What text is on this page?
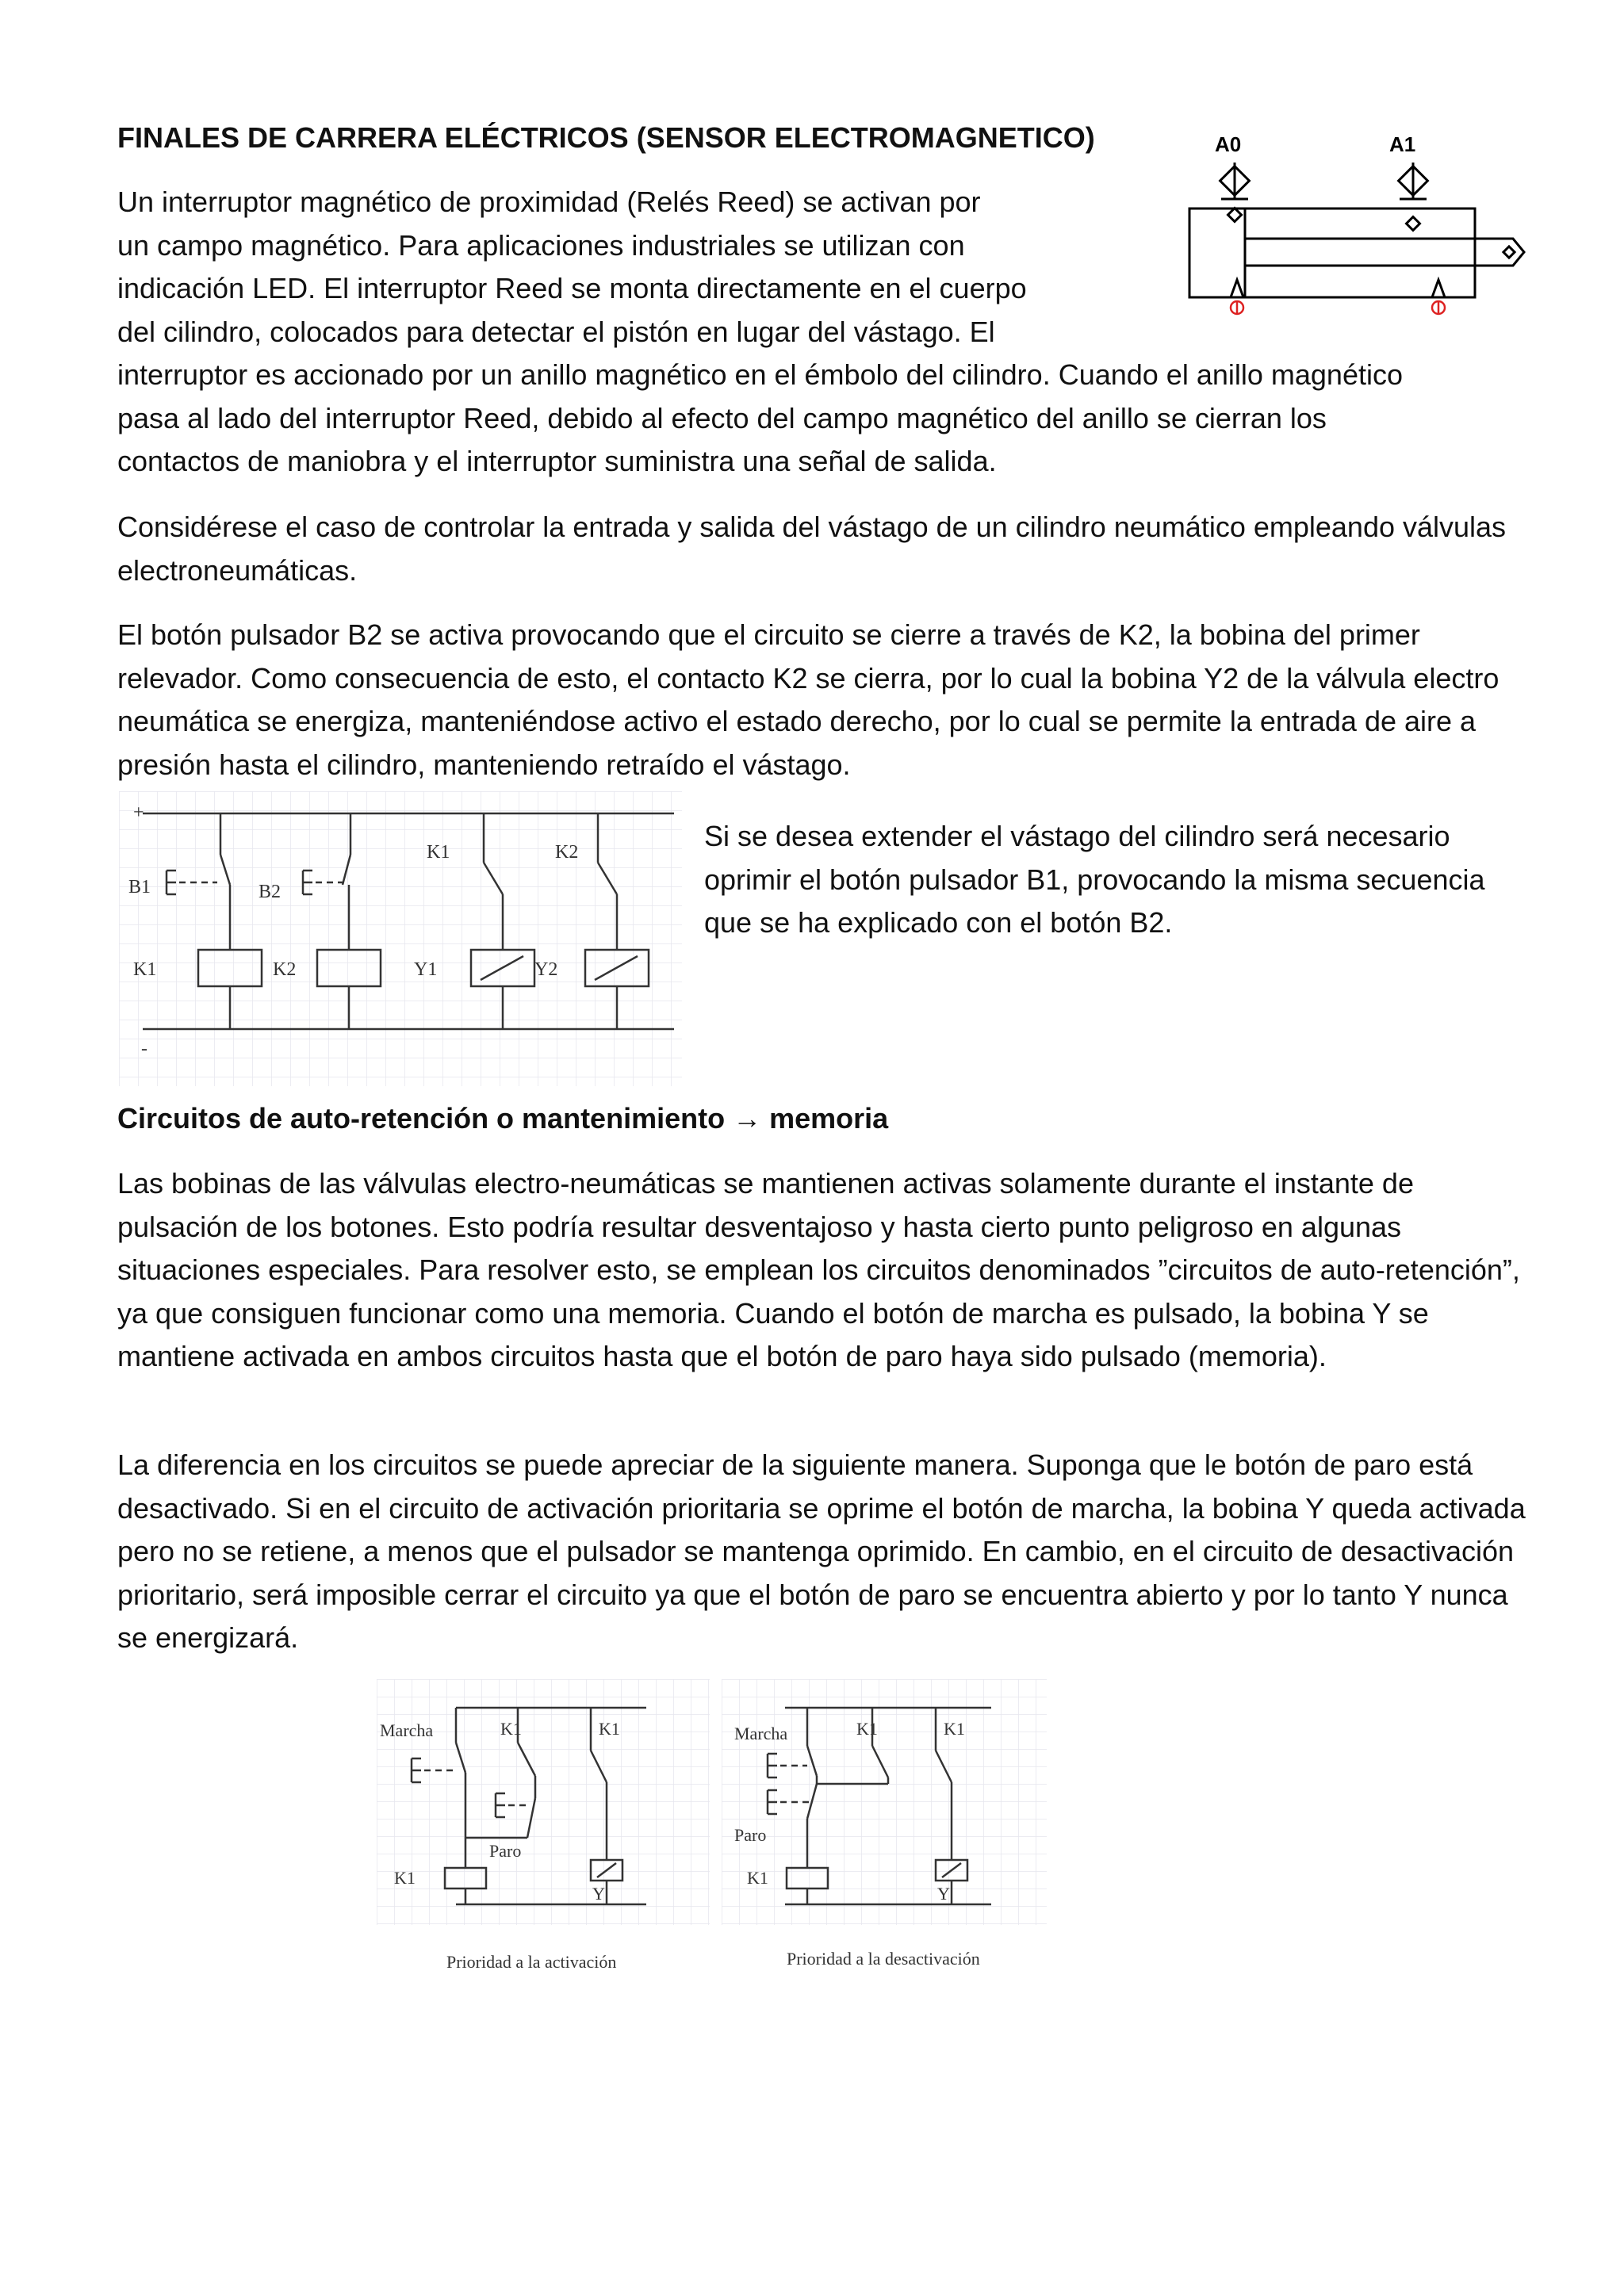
FINALES DE CARRERA ELÉCTRICOS (SENSOR ELECTROMAGNETICO)
Un interruptor magnético de proximidad (Relés Reed) se activan por
un campo magnético. Para aplicaciones industriales se utilizan con
indicación LED. El interruptor Reed se monta directamente en el cuerpo
del cilindro, colocados para detectar el pistón en lugar del vástago. El
interruptor es accionado por un anillo magnético en el émbolo del cilindro. Cuando el anillo magnético
pasa al lado del interruptor Reed, debido al efecto del campo magnético del anillo se cierran los
contactos de maniobra y el interruptor suministra una señal de salida.
A0	A1
Considérese el caso de controlar la entrada y salida del vástago de un cilindro neumático empleando válvulas electroneumáticas.
El botón pulsador B2 se activa provocando que el circuito se cierre a través de K2, la bobina del primer relevador. Como consecuencia de esto, el contacto K2 se cierra, por lo cual la bobina Y2 de la válvula electro neumática se energiza, manteniéndose activo el estado derecho, por lo cual se permite la entrada de aire a presión hasta el cilindro, manteniendo retraído el vástago.
+
-
B1	B2
K1	K2
K1	K2	Y1	Y2
Si se desea extender el vástago del cilindro será necesario oprimir el botón pulsador B1, provocando la misma secuencia que se ha explicado con el botón B2.
Circuitos de auto-retención o mantenimiento → memoria
Las bobinas de las válvulas electro-neumáticas se mantienen activas solamente durante el instante de pulsación de los botones. Esto podría resultar desventajoso y hasta cierto punto peligroso en algunas situaciones especiales. Para resolver esto, se emplean los circuitos denominados ”circuitos de auto-retención”, ya que consiguen funcionar como una memoria. Cuando el botón de marcha es pulsado, la bobina Y se mantiene activada en ambos circuitos hasta que el botón de paro haya sido pulsado (memoria).
La diferencia en los circuitos se puede apreciar de la siguiente manera. Suponga que le botón de paro está desactivado. Si en el circuito de activación prioritaria se oprime el botón de marcha, la bobina Y queda activada pero no se retiene, a menos que el pulsador se mantenga oprimido. En cambio, en el circuito de desactivación prioritario, será imposible cerrar el circuito ya que el botón de paro se encuentra abierto y por lo tanto Y nunca se energizará.
Marcha	K1	K1
Paro
K1
Y
Prioridad a la activación
Marcha	K1	K1
Paro
K1
Y
Prioridad a la desactivación
